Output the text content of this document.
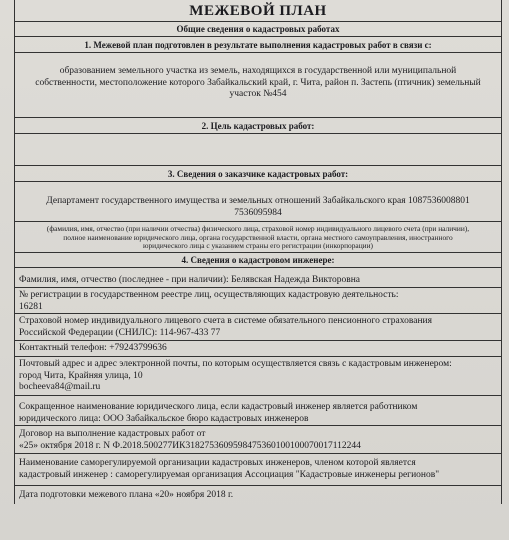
МЕЖЕВОЙ ПЛАН
Общие сведения о кадастровых работах
1. Межевой план подготовлен в результате выполнения кадастровых работ в связи с:
образованием земельного участка из земель, находящихся в государственной или муниципальной
собственности, местоположение которого Забайкальский край, г. Чита, район п. Застепь (птичник) земельный
участок №454
2. Цель кадастровых работ:
3. Сведения о заказчике кадастровых работ:
Департамент государственного имущества и земельных отношений Забайкальского края 1087536008801
7536095984
(фамилия, имя, отчество (при наличии отчества) физического лица, страховой номер индивидуального лицевого счета (при наличии),
полное наименование юридического лица, органа государственной власти, органа местного самоуправления, иностранного
юридического лица с указанием страны его регистрации (инкорпорации)
4. Сведения о кадастровом инженере:
Фамилия, имя, отчество (последнее - при наличии): Белявская Надежда Викторовна
№ регистрации в государственном реестре лиц, осуществляющих кадастровую деятельность:
16281
Страховой номер индивидуального лицевого счета в системе обязательного пенсионного страхования
Российской Федерации (СНИЛС): 114-967-433 77
Контактный телефон: +79243799636
Почтовый адрес и адрес электронной почты, по которым осуществляется связь с кадастровым инженером:
город Чита, Крайняя улица, 10
bocheeva84@mail.ru
Сокращенное наименование юридического лица, если кадастровый инженер является работником
юридического лица: ООО Забайкальское бюро кадастровых инженеров
Договор на выполнение кадастровых работ от
«25» октября 2018 г. N Ф.2018.500277ИК3182753609598475360100100070017112244
Наименование саморегулируемой организации кадастровых инженеров, членом которой является
кадастровый инженер : саморегулируемая организация Ассоциация "Кадастровые инженеры регионов"
Дата подготовки межевого плана «20» ноября 2018 г.
